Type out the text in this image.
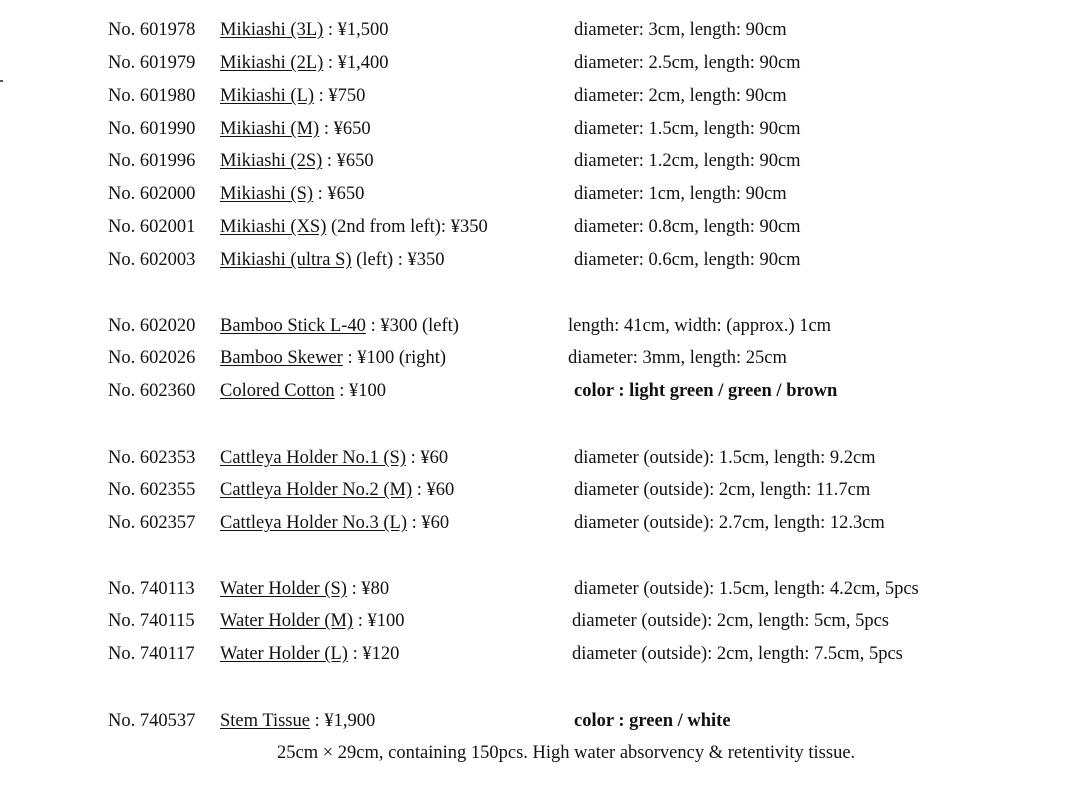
No. 601978 Mikiashi (3L) : ¥1,500	diameter: 3cm, length: 90cm
No. 601979 Mikiashi (2L) : ¥1,400	diameter: 2.5cm, length: 90cm
No. 601980 Mikiashi (L) : ¥750	diameter: 2cm, length: 90cm
No. 601990 Mikiashi (M) : ¥650	diameter: 1.5cm, length: 90cm
No. 601996 Mikiashi (2S) : ¥650	diameter: 1.2cm, length: 90cm
No. 602000 Mikiashi (S) : ¥650	diameter: 1cm, length: 90cm
No. 602001 Mikiashi (XS) (2nd from left): ¥350	diameter: 0.8cm, length: 90cm
No. 602003 Mikiashi (ultra S) (left) : ¥350	diameter: 0.6cm, length: 90cm
No. 602020 Bamboo Stick L-40 : ¥300 (left)	length: 41cm, width: (approx.) 1cm
No. 602026 Bamboo Skewer : ¥100 (right)	diameter: 3mm, length: 25cm
No. 602360 Colored Cotton : ¥100	color : light green / green / brown
No. 602353 Cattleya Holder No.1 (S) : ¥60	diameter (outside): 1.5cm, length: 9.2cm
No. 602355 Cattleya Holder No.2 (M) : ¥60	diameter (outside): 2cm, length: 11.7cm
No. 602357 Cattleya Holder No.3 (L) : ¥60	diameter (outside): 2.7cm, length: 12.3cm
No. 740113 Water Holder (S) : ¥80	diameter (outside): 1.5cm, length: 4.2cm, 5pcs
No. 740115 Water Holder (M) : ¥100	diameter (outside): 2cm, length: 5cm, 5pcs
No. 740117 Water Holder (L) : ¥120	diameter (outside): 2cm, length: 7.5cm, 5pcs
No. 740537 Stem Tissue : ¥1,900	color : green / white
25cm × 29cm, containing 150pcs. High water absorvency & retentivity tissue.
